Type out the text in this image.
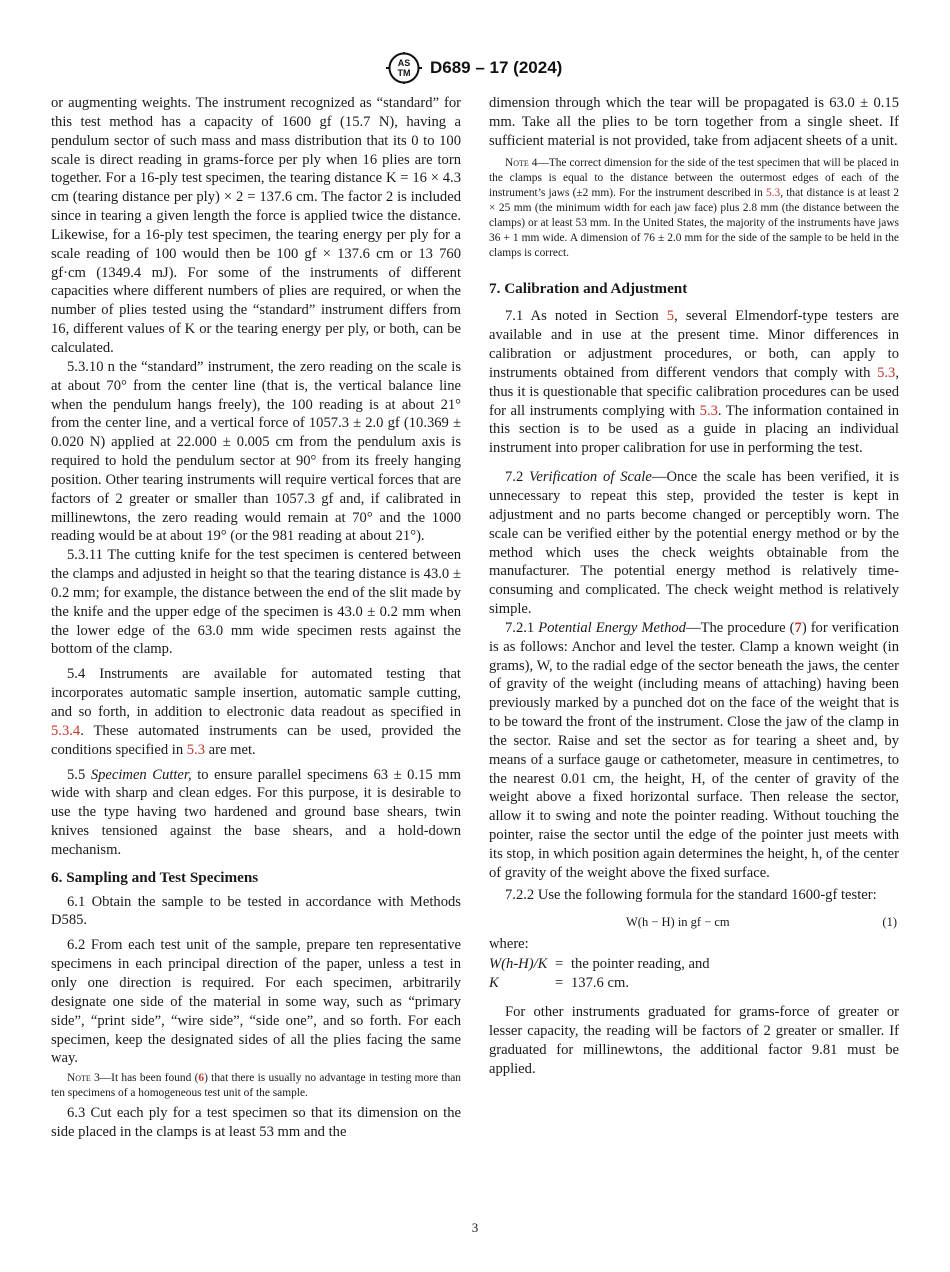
AS
TM D689 – 17 (2024)

or augmenting weights. The instrument recognized as “standard” for this test method has a capacity of 1600 gf (15.7 N), having a pendulum sector of such mass and mass distribution that its 0 to 100 scale is direct reading in grams-force per ply when 16 plies are torn together. For a 16-ply test specimen, the tearing distance K = 16 × 4.3 cm (tearing distance per ply) × 2 = 137.6 cm. The factor 2 is included since in tearing a given length the force is applied twice the distance. Likewise, for a 16-ply test specimen, the tearing energy per ply for a scale reading of 100 would then be 100 gf × 137.6 cm or 13 760 gf·cm (1349.4 mJ). For some of the instruments of different capacities where different numbers of plies are required, or when the number of plies tested using the “standard” instrument differs from 16, different values of K or the tearing energy per ply, or both, can be calculated.

5.3.10 n the “standard” instrument, the zero reading on the scale is at about 70° from the center line (that is, the vertical balance line when the pendulum hangs freely), the 100 reading is at about 21° from the center line, and a vertical force of 1057.3 ± 2.0 gf (10.369 ± 0.020 N) applied at 22.000 ± 0.005 cm from the pendulum axis is required to hold the pendulum sector at 90° from its freely hanging position. Other tearing instruments will require vertical forces that are factors of 2 greater or smaller than 1057.3 gf and, if calibrated in millinewtons, the zero reading would remain at 70° and the 1000 reading would be at about 19° (or the 981 reading at about 21°).

5.3.11 The cutting knife for the test specimen is centered between the clamps and adjusted in height so that the tearing distance is 43.0 ± 0.2 mm; for example, the distance between the end of the slit made by the knife and the upper edge of the specimen is 43.0 ± 0.2 mm when the lower edge of the 63.0 mm wide specimen rests against the bottom of the clamp.

5.4 Instruments are available for automated testing that incorporates automatic sample insertion, automatic sample cutting, and so forth, in addition to electronic data readout as specified in 5.3.4. These automated instruments can be used, provided the conditions specified in 5.3 are met.

5.5 Specimen Cutter, to ensure parallel specimens 63 ± 0.15 mm wide with sharp and clean edges. For this purpose, it is desirable to use the type having two hardened and ground base shears, twin knives tensioned against the base shears, and a hold-down mechanism.

6. Sampling and Test Specimens

6.1 Obtain the sample to be tested in accordance with Methods D585.

6.2 From each test unit of the sample, prepare ten representative specimens in each principal direction of the paper, unless a test in only one direction is required. For each specimen, arbitrarily designate one side of the material in some way, such as “primary side”, “print side”, “wire side”, “side one”, and so forth. For each specimen, keep the designated sides of all the plies facing the same way.

Note 3—It has been found (6) that there is usually no advantage in testing more than ten specimens of a homogeneous test unit of the sample.

6.3 Cut each ply for a test specimen so that its dimension on the side placed in the clamps is at least 53 mm and the

dimension through which the tear will be propagated is 63.0 ± 0.15 mm. Take all the plies to be torn together from a single sheet. If sufficient material is not provided, take from adjacent sheets of a unit.

Note 4—The correct dimension for the side of the test specimen that will be placed in the clamps is equal to the distance between the outermost edges of each of the instrument’s jaws (±2 mm). For the instrument described in 5.3, that distance is at least 2 × 25 mm (the minimum width for each jaw face) plus 2.8 mm (the distance between the clamps) or at least 53 mm. In the United States, the majority of the instruments have jaws 36 + 1 mm wide. A dimension of 76 ± 2.0 mm for the side of the sample to be held in the clamps is correct.

7. Calibration and Adjustment

7.1 As noted in Section 5, several Elmendorf-type testers are available and in use at the present time. Minor differences in calibration or adjustment procedures, or both, can apply to instruments obtained from different vendors that comply with 5.3, thus it is questionable that specific calibration procedures can be used for all instruments complying with 5.3. The information contained in this section is to be used as a guide in placing an individual instrument into proper calibration for use in performing the test.

7.2 Verification of Scale—Once the scale has been verified, it is unnecessary to repeat this step, provided the tester is kept in adjustment and no parts become changed or perceptibly worn. The scale can be verified either by the potential energy method or by the method which uses the check weights obtainable from the manufacturer. The potential energy method is relatively time-consuming and complicated. The check weight method is relatively simple.

7.2.1 Potential Energy Method—The procedure (7) for verification is as follows: Anchor and level the tester. Clamp a known weight (in grams), W, to the radial edge of the sector beneath the jaws, the center of gravity of the weight (including means of attaching) having been previously marked by a punched dot on the face of the weight that is to be toward the front of the instrument. Close the jaw of the clamp in the sector. Raise and set the sector as for tearing a sheet and, by means of a surface gauge or cathetometer, measure in centimetres, to the nearest 0.01 cm, the height, H, of the center of gravity of the weight above a fixed horizontal surface. Then release the sector, allow it to swing and note the pointer reading. Without touching the pointer, raise the sector until the edge of the pointer just meets with its stop, in which position again determines the height, h, of the center of gravity of the weight above the fixed surface.

7.2.2 Use the following formula for the standard 1600-gf tester:

W(h − H) in gf − cm	(1)

where:

W(h-H)/K = the pointer reading, and
K	= 137.6 cm.

For other instruments graduated for grams-force of greater or lesser capacity, the reading will be factors of 2 greater or smaller. If graduated for millinewtons, the additional factor 9.81 must be applied.

3
